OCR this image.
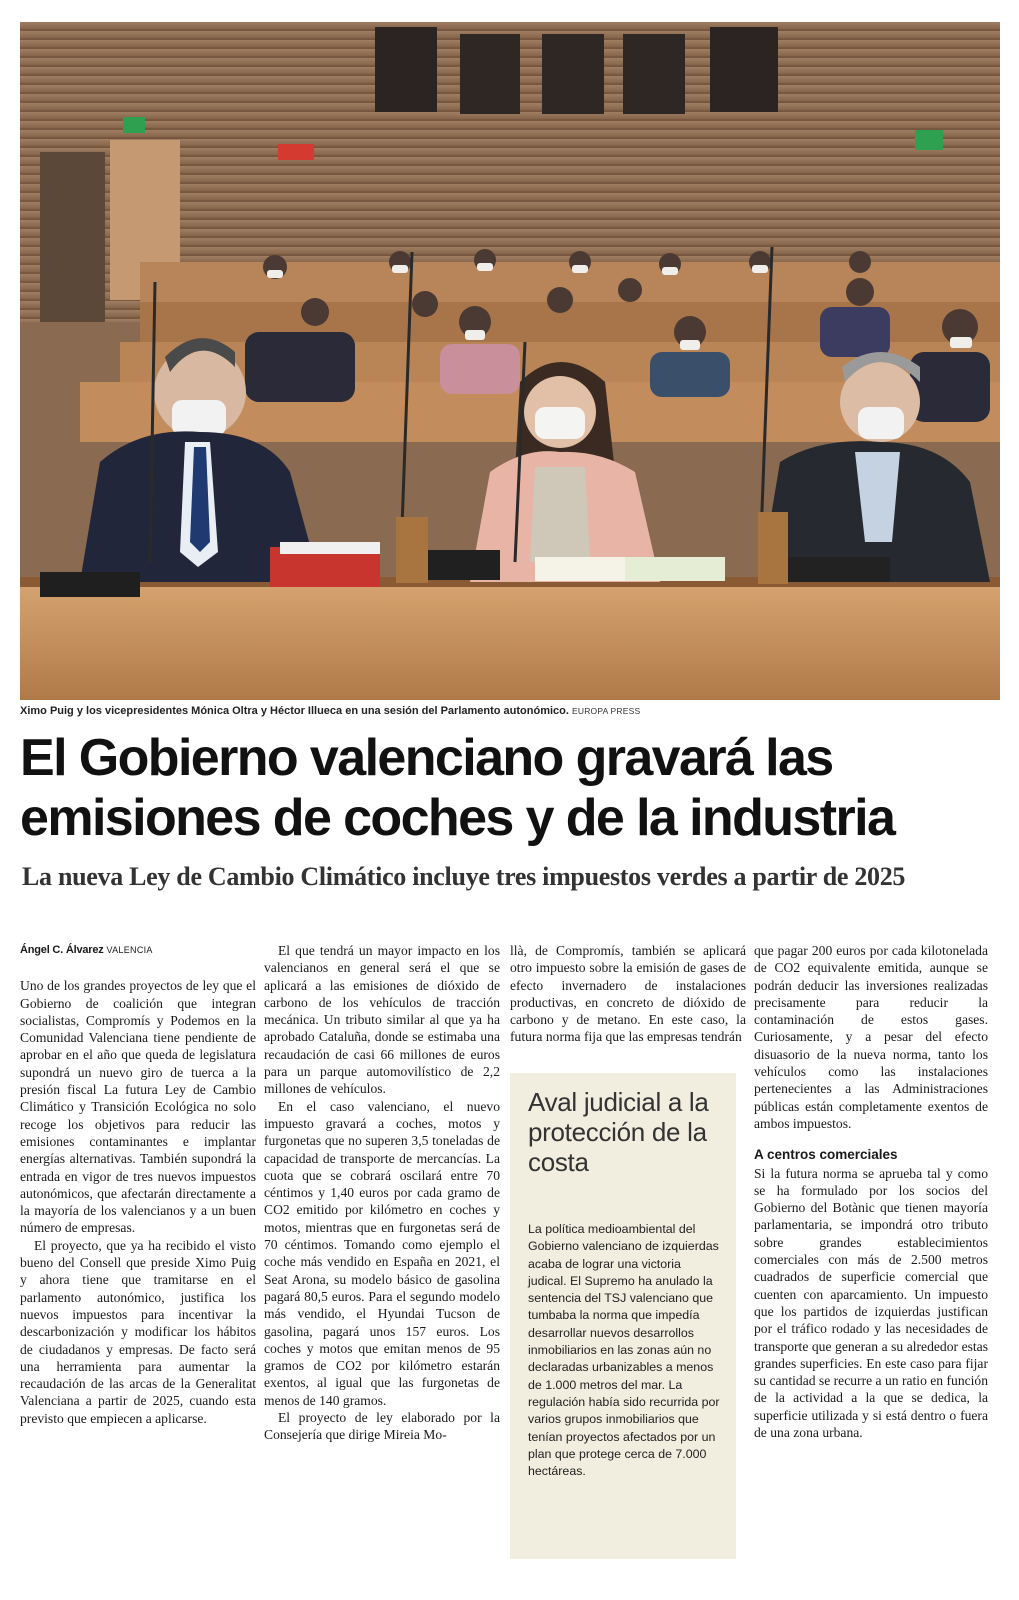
Ximo Puig y los vicepresidentes Mónica Oltra y Héctor Illueca en una sesión del Parlamento autonómico. EUROPA PRESS
El Gobierno valenciano gravará las emisiones de coches y de la industria
La nueva Ley de Cambio Climático incluye tres impuestos verdes a partir de 2025

Ángel C. Álvarez VALENCIA

Uno de los grandes proyectos de ley que el Gobierno de coalición que integran socialistas, Compromís y Podemos en la Comunidad Valenciana tiene pendiente de aprobar en el año que queda de legislatura supondrá un nuevo giro de tuerca a la presión fiscal La futura Ley de Cambio Climático y Transición Ecológica no solo recoge los objetivos para reducir las emisiones contaminantes e implantar energías alternativas. También supondrá la entrada en vigor de tres nuevos impuestos autonómicos, que afectarán directamente a la mayoría de los valencianos y a un buen número de empresas.

El proyecto, que ya ha recibido el visto bueno del Consell que preside Ximo Puig y ahora tiene que tramitarse en el parlamento autonómico, justifica los nuevos impuestos para incentivar la descarbonización y modificar los hábitos de ciudadanos y empresas. De facto será una herramienta para aumentar la recaudación de las arcas de la Generalitat Valenciana a partir de 2025, cuando esta previsto que empiecen a aplicarse.

El que tendrá un mayor impacto en los valencianos en general será el que se aplicará a las emisiones de dióxido de carbono de los vehículos de tracción mecánica. Un tributo similar al que ya ha aprobado Cataluña, donde se estimaba una recaudación de casi 66 millones de euros para un parque automovilístico de 2,2 millones de vehículos.

En el caso valenciano, el nuevo impuesto gravará a coches, motos y furgonetas que no superen 3,5 toneladas de capacidad de transporte de mercancías. La cuota que se cobrará oscilará entre 70 céntimos y 1,40 euros por cada gramo de CO2 emitido por kilómetro en coches y motos, mientras que en furgonetas será de 70 céntimos. Tomando como ejemplo el coche más vendido en España en 2021, el Seat Arona, su modelo básico de gasolina pagará 80,5 euros. Para el segundo modelo más vendido, el Hyundai Tucson de gasolina, pagará unos 157 euros. Los coches y motos que emitan menos de 95 gramos de CO2 por kilómetro estarán exentos, al igual que las furgonetas de menos de 140 gramos.

El proyecto de ley elaborado por la Consejería que dirige Mireia Mo-

llà, de Compromís, también se aplicará otro impuesto sobre la emisión de gases de efecto invernadero de instalaciones productivas, en concreto de dióxido de carbono y de metano. En este caso, la futura norma fija que las empresas tendrán

Aval judicial a la protección de la costa
La política medioambiental del Gobierno valenciano de izquierdas acaba de lograr una victoria judical. El Supremo ha anulado la sentencia del TSJ valenciano que tumbaba la norma que impedía desarrollar nuevos desarrollos inmobiliarios en las zonas aún no declaradas urbanizables a menos de 1.000 metros del mar. La regulación había sido recurrida por varios grupos inmobiliarios que tenían proyectos afectados por un plan que protege cerca de 7.000 hectáreas.

que pagar 200 euros por cada kilotonelada de CO2 equivalente emitida, aunque se podrán deducir las inversiones realizadas precisamente para reducir la contaminación de estos gases. Curiosamente, y a pesar del efecto disuasorio de la nueva norma, tanto los vehículos como las instalaciones pertenecientes a las Administraciones públicas están completamente exentos de ambos impuestos.

A centros comerciales

Si la futura norma se aprueba tal y como se ha formulado por los socios del Gobierno del Botànic que tienen mayoría parlamentaria, se impondrá otro tributo sobre grandes establecimientos comerciales con más de 2.500 metros cuadrados de superficie comercial que cuenten con aparcamiento. Un impuesto que los partidos de izquierdas justifican por el tráfico rodado y las necesidades de transporte que generan a su alrededor estas grandes superficies. En este caso para fijar su cantidad se recurre a un ratio en función de la actividad a la que se dedica, la superficie utilizada y si está dentro o fuera de una zona urbana.
